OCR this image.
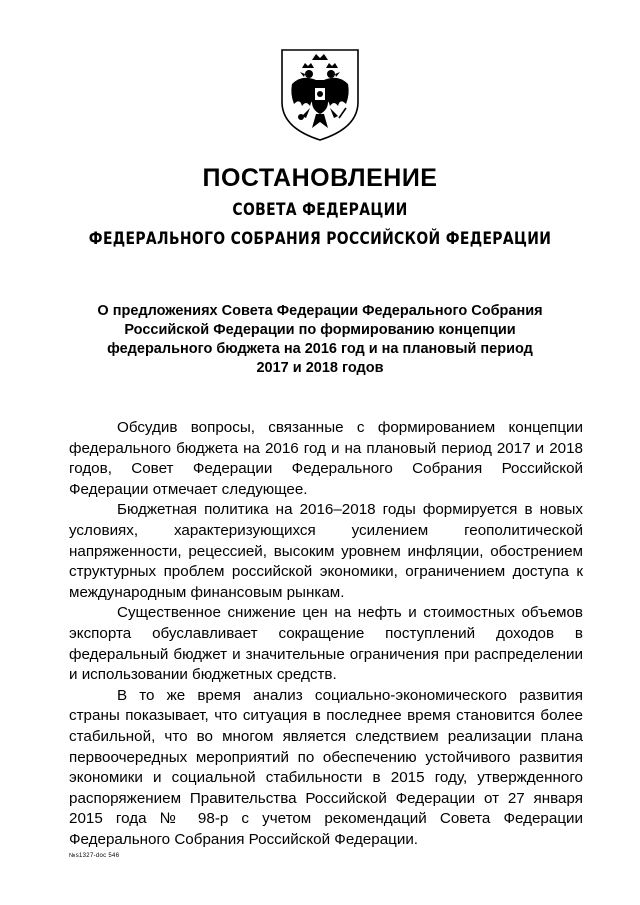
ПОСТАНОВЛЕНИЕ
СОВЕТА ФЕДЕРАЦИИ
ФЕДЕРАЛЬНОГО СОБРАНИЯ РОССИЙСКОЙ ФЕДЕРАЦИИ
О предложениях Совета Федерации Федерального Собрания
Российской Федерации по формированию концепции
федерального бюджета на 2016 год и на плановый период
2017 и 2018 годов

Обсудив вопросы, связанные с формированием концепции федерального бюджета на 2016 год и на плановый период 2017 и 2018 годов, Совет Федерации Федерального Собрания Российской Федерации отмечает следующее.

Бюджетная политика на 2016–2018 годы формируется в новых условиях, характеризующихся усилением геополитической напряженности, рецессией, высоким уровнем инфляции, обострением структурных проблем российской экономики, ограничением доступа к международным финансовым рынкам.

Существенное снижение цен на нефть и стоимостных объемов экспорта обуславливает сокращение поступлений доходов в федеральный бюджет и значительные ограничения при распределении и использовании бюджетных средств.

В то же время анализ социально-экономического развития страны показывает, что ситуация в последнее время становится более стабильной, что во многом является следствием реализации плана первоочередных мероприятий по обеспечению устойчивого развития экономики и социальной стабильности в 2015 году, утвержденного распоряжением Правительства Российской Федерации от 27 января 2015 года № 98-р с учетом рекомендаций Совета Федерации Федерального Собрания Российской Федерации.

№s1327-doc 546
